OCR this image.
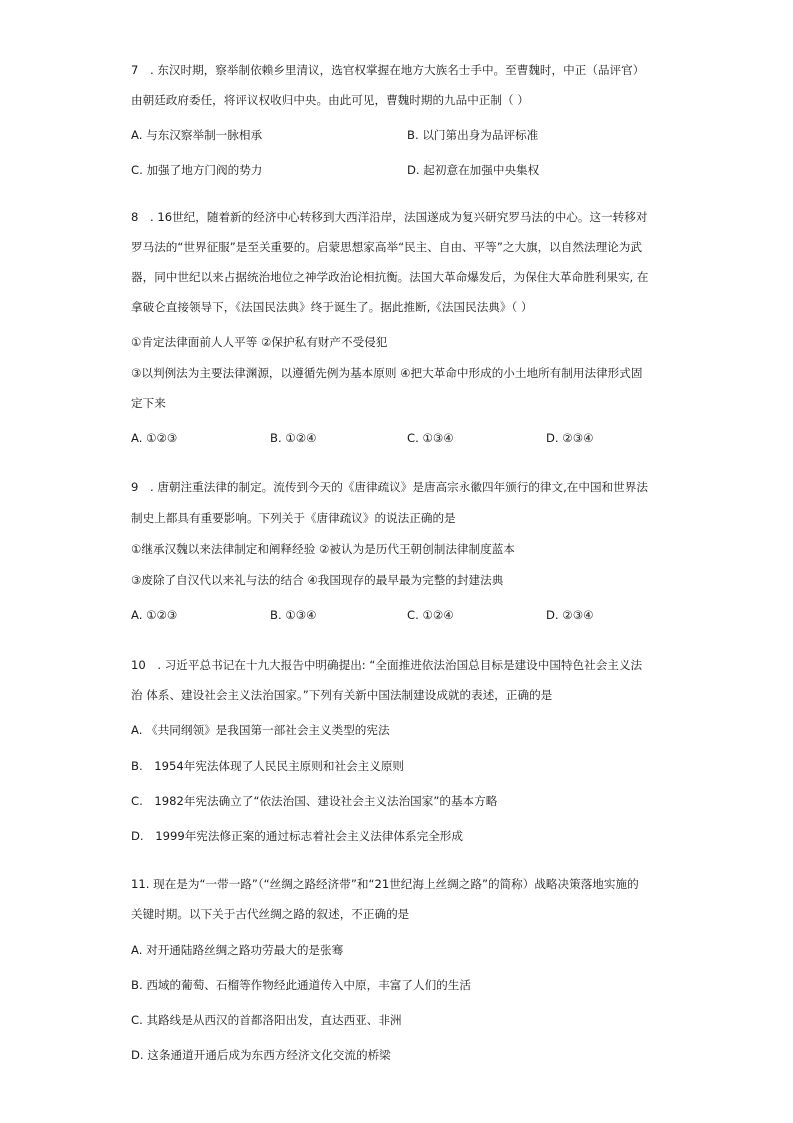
7　. 东汉时期，察举制依赖乡里清议，选官权掌握在地方大族名士手中。至曹魏时，中正（品评官）
由朝廷政府委任，将评议权收归中央。由此可见，曹魏时期的九品中正制（ ）
A. 与东汉察举制一脉相承	B. 以门第出身为品评标准
C. 加强了地方门阀的势力	D. 起初意在加强中央集权
8　. 16世纪，随着新的经济中心转移到大西洋沿岸，法国遂成为复兴研究罗马法的中心。这一转移对
罗马法的“世界征服”是至关重要的。启蒙思想家高举“民主、自由、平等”之大旗，以自然法理论为武
器，同中世纪以来占据统治地位之神学政治论相抗衡。法国大革命爆发后，为保住大革命胜利果实, 在
拿破仑直接领导下，《法国民法典》终于诞生了。据此推断,《法国民法典》（ ）
①肯定法律面前人人平等 ②保护私有财产不受侵犯
③以判例法为主要法律渊源，以遵循先例为基本原则 ④把大革命中形成的小土地所有制用法律形式固
定下来
A. ①②③	B. ①②④	C. ①③④	D. ②③④
9　. 唐朝注重法律的制定。流传到今天的《唐律疏议》是唐高宗永徽四年颁行的律文,在中国和世界法
制史上都具有重要影响。下列关于《唐律疏议》的说法正确的是
①继承汉魏以来法律制定和阐释经验 ②被认为是历代王朝创制法律制度蓝本
③废除了自汉代以来礼与法的结合 ④我国现存的最早最为完整的封建法典
A. ①②③	B. ①③④	C. ①②④	D. ②③④
10　. 习近平总书记在十九大报告中明确提出: “全面推进依法治国总目标是建设中国特色社会主义法
治 体系、建设社会主义法治国家。”下列有关新中国法制建设成就的表述，正确的是
A. 《共同纲领》是我国第一部社会主义类型的宪法
B.　1954年宪法体现了人民民主原则和社会主义原则
C.　1982年宪法确立了“依法治国、建设社会主义法治国家”的基本方略
D.　1999年宪法修正案的通过标志着社会主义法律体系完全形成
11. 现在是为“一带一路”（“丝绸之路经济带”和“21世纪海上丝绸之路”的简称）战略决策落地实施的
关键时期。以下关于古代丝绸之路的叙述，不正确的是
A. 对开通陆路丝绸之路功劳最大的是张骞
B. 西域的葡萄、石榴等作物经此通道传入中原，丰富了人们的生活
C. 其路线是从西汉的首都洛阳出发，直达西亚、非洲
D. 这条通道开通后成为东西方经济文化交流的桥梁
